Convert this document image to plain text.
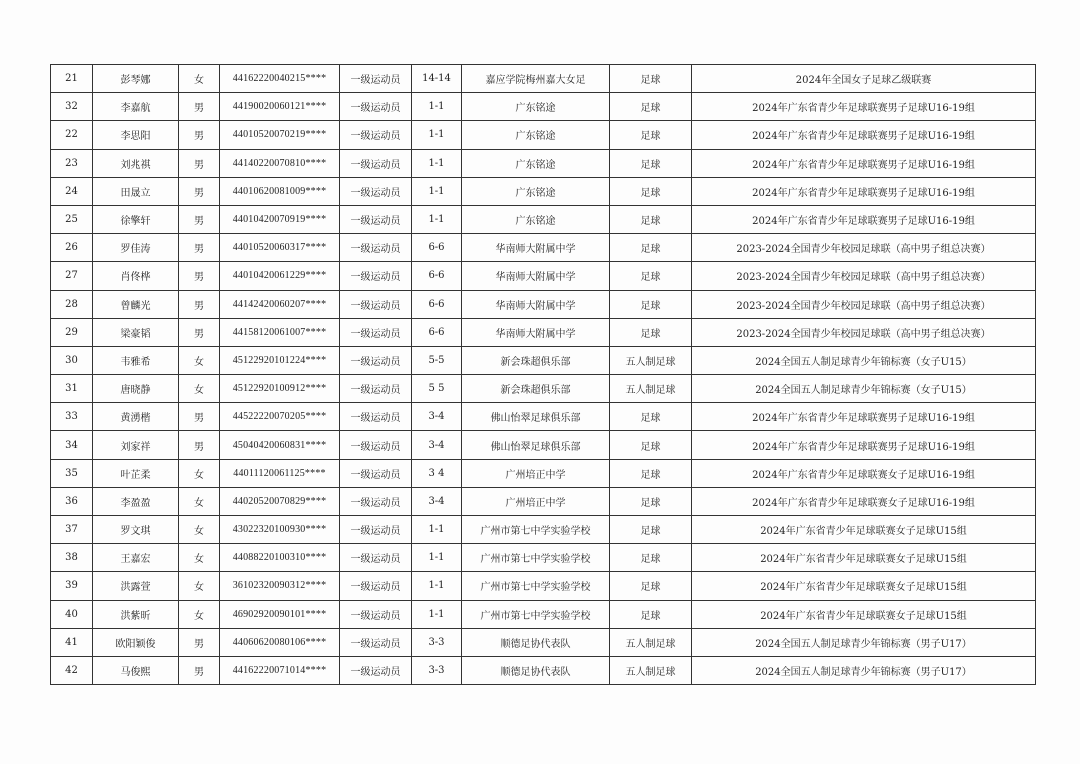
21	彭琴娜	女	44162220040215****	一级运动员	14-14	嘉应学院梅州嘉大女足	足球	2024年全国女子足球乙级联赛
32	李嘉航	男	44190020060121****	一级运动员	1-1	广东铭途	足球	2024年广东省青少年足球联赛男子足球U16-19组
22	李思阳	男	44010520070219****	一级运动员	1-1	广东铭途	足球	2024年广东省青少年足球联赛男子足球U16-19组
23	刘兆祺	男	44140220070810****	一级运动员	1-1	广东铭途	足球	2024年广东省青少年足球联赛男子足球U16-19组
24	田晟立	男	44010620081009****	一级运动员	1-1	广东铭途	足球	2024年广东省青少年足球联赛男子足球U16-19组
25	徐擎轩	男	44010420070919****	一级运动员	1-1	广东铭途	足球	2024年广东省青少年足球联赛男子足球U16-19组
26	罗佳涛	男	44010520060317****	一级运动员	6-6	华南师大附属中学	足球	2023-2024全国青少年校园足球联（高中男子组总决赛）
27	肖佟桦	男	44010420061229****	一级运动员	6-6	华南师大附属中学	足球	2023-2024全国青少年校园足球联（高中男子组总决赛）
28	曾麟光	男	44142420060207****	一级运动员	6-6	华南师大附属中学	足球	2023-2024全国青少年校园足球联（高中男子组总决赛）
29	梁豪韬	男	44158120061007****	一级运动员	6-6	华南师大附属中学	足球	2023-2024全国青少年校园足球联（高中男子组总决赛）
30	韦雅希	女	45122920101224****	一级运动员	5-5	新会珠超俱乐部	五人制足球	2024全国五人制足球青少年锦标赛（女子U15）
31	唐晓静	女	45122920100912****	一级运动员	5 5	新会珠超俱乐部	五人制足球	2024全国五人制足球青少年锦标赛（女子U15）
33	黄湧楷	男	44522220070205****	一级运动员	3-4	佛山怡翠足球俱乐部	足球	2024年广东省青少年足球联赛男子足球U16-19组
34	刘家祥	男	45040420060831****	一级运动员	3-4	佛山怡翠足球俱乐部	足球	2024年广东省青少年足球联赛男子足球U16-19组
35	叶芷柔	女	44011120061125****	一级运动员	3 4	广州培正中学	足球	2024年广东省青少年足球联赛女子足球U16-19组
36	李盈盈	女	44020520070829****	一级运动员	3-4	广州培正中学	足球	2024年广东省青少年足球联赛女子足球U16-19组
37	罗文琪	女	43022320100930****	一级运动员	1-1	广州市第七中学实验学校	足球	2024年广东省青少年足球联赛女子足球U15组
38	王嘉宏	女	44088220100310****	一级运动员	1-1	广州市第七中学实验学校	足球	2024年广东省青少年足球联赛女子足球U15组
39	洪露萱	女	36102320090312****	一级运动员	1-1	广州市第七中学实验学校	足球	2024年广东省青少年足球联赛女子足球U15组
40	洪紫昕	女	46902920090101****	一级运动员	1-1	广州市第七中学实验学校	足球	2024年广东省青少年足球联赛女子足球U15组
41	欧阳颖俊	男	44060620080106****	一级运动员	3-3	顺德足协代表队	五人制足球	2024全国五人制足球青少年锦标赛（男子U17）
42	马俊熙	男	44162220071014****	一级运动员	3-3	顺德足协代表队	五人制足球	2024全国五人制足球青少年锦标赛（男子U17）
